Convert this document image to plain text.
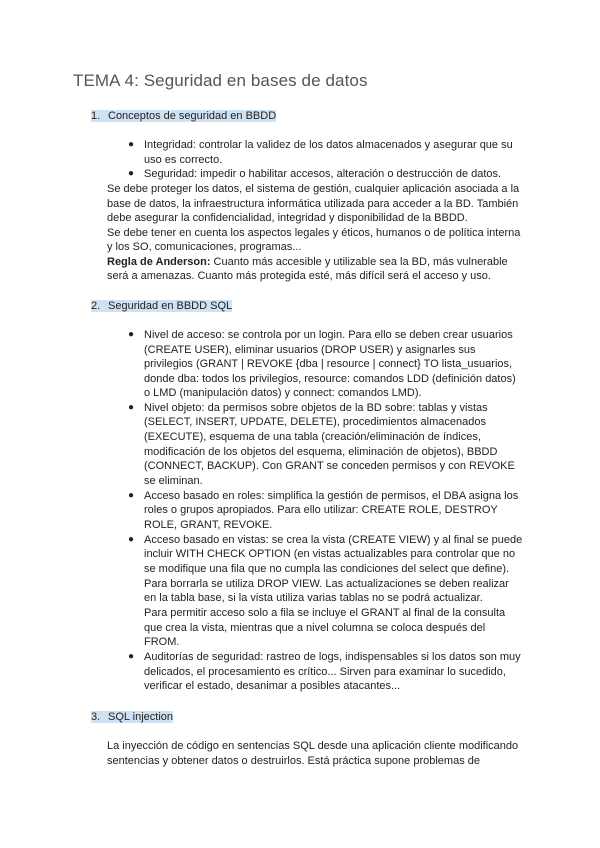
TEMA 4: Seguridad en bases de datos
1. Conceptos de seguridad en BBDD
● Integridad: controlar la validez de los datos almacenados y asegurar que su
uso es correcto.
● Seguridad: impedir o habilitar accesos, alteración o destrucción de datos.
Se debe proteger los datos, el sistema de gestión, cualquier aplicación asociada a la
base de datos, la infraestructura informática utilizada para acceder a la BD. También
debe asegurar la confidencialidad, integridad y disponibilidad de la BBDD.
Se debe tener en cuenta los aspectos legales y éticos, humanos o de política interna
y los SO, comunicaciones, programas...
Regla de Anderson: Cuanto más accesible y utilizable sea la BD, más vulnerable
será a amenazas. Cuanto más protegida esté, más difícil será el acceso y uso.
2. Seguridad en BBDD SQL
● Nivel de acceso: se controla por un login. Para ello se deben crear usuarios
(CREATE USER), eliminar usuarios (DROP USER) y asignarles sus
privilegios (GRANT | REVOKE {dba | resource | connect} TO lista_usuarios,
donde dba: todos los privilegios, resource: comandos LDD (definición datos)
o LMD (manipulación datos) y connect: comandos LMD).
● Nivel objeto: da permisos sobre objetos de la BD sobre: tablas y vistas
(SELECT, INSERT, UPDATE, DELETE), procedimientos almacenados
(EXECUTE), esquema de una tabla (creación/eliminación de índices,
modificación de los objetos del esquema, eliminación de objetos), BBDD
(CONNECT, BACKUP). Con GRANT se conceden permisos y con REVOKE
se eliminan.
● Acceso basado en roles: simplifica la gestión de permisos, el DBA asigna los
roles o grupos apropiados. Para ello utilizar: CREATE ROLE, DESTROY
ROLE, GRANT, REVOKE.
● Acceso basado en vistas: se crea la vista (CREATE VIEW) y al final se puede
incluir WITH CHECK OPTION (en vistas actualizables para controlar que no
se modifique una fila que no cumpla las condiciones del select que define).
Para borrarla se utiliza DROP VIEW. Las actualizaciones se deben realizar
en la tabla base, si la vista utiliza varias tablas no se podrá actualizar.
Para permitir acceso solo a fila se incluye el GRANT al final de la consulta
que crea la vista, mientras que a nivel columna se coloca después del
FROM.
● Auditorías de seguridad: rastreo de logs, indispensables si los datos son muy
delicados, el procesamiento es crítico... Sirven para examinar lo sucedido,
verificar el estado, desanimar a posibles atacantes...
3. SQL injection
La inyección de código en sentencias SQL desde una aplicación cliente modificando
sentencias y obtener datos o destruirlos. Está práctica supone problemas de
